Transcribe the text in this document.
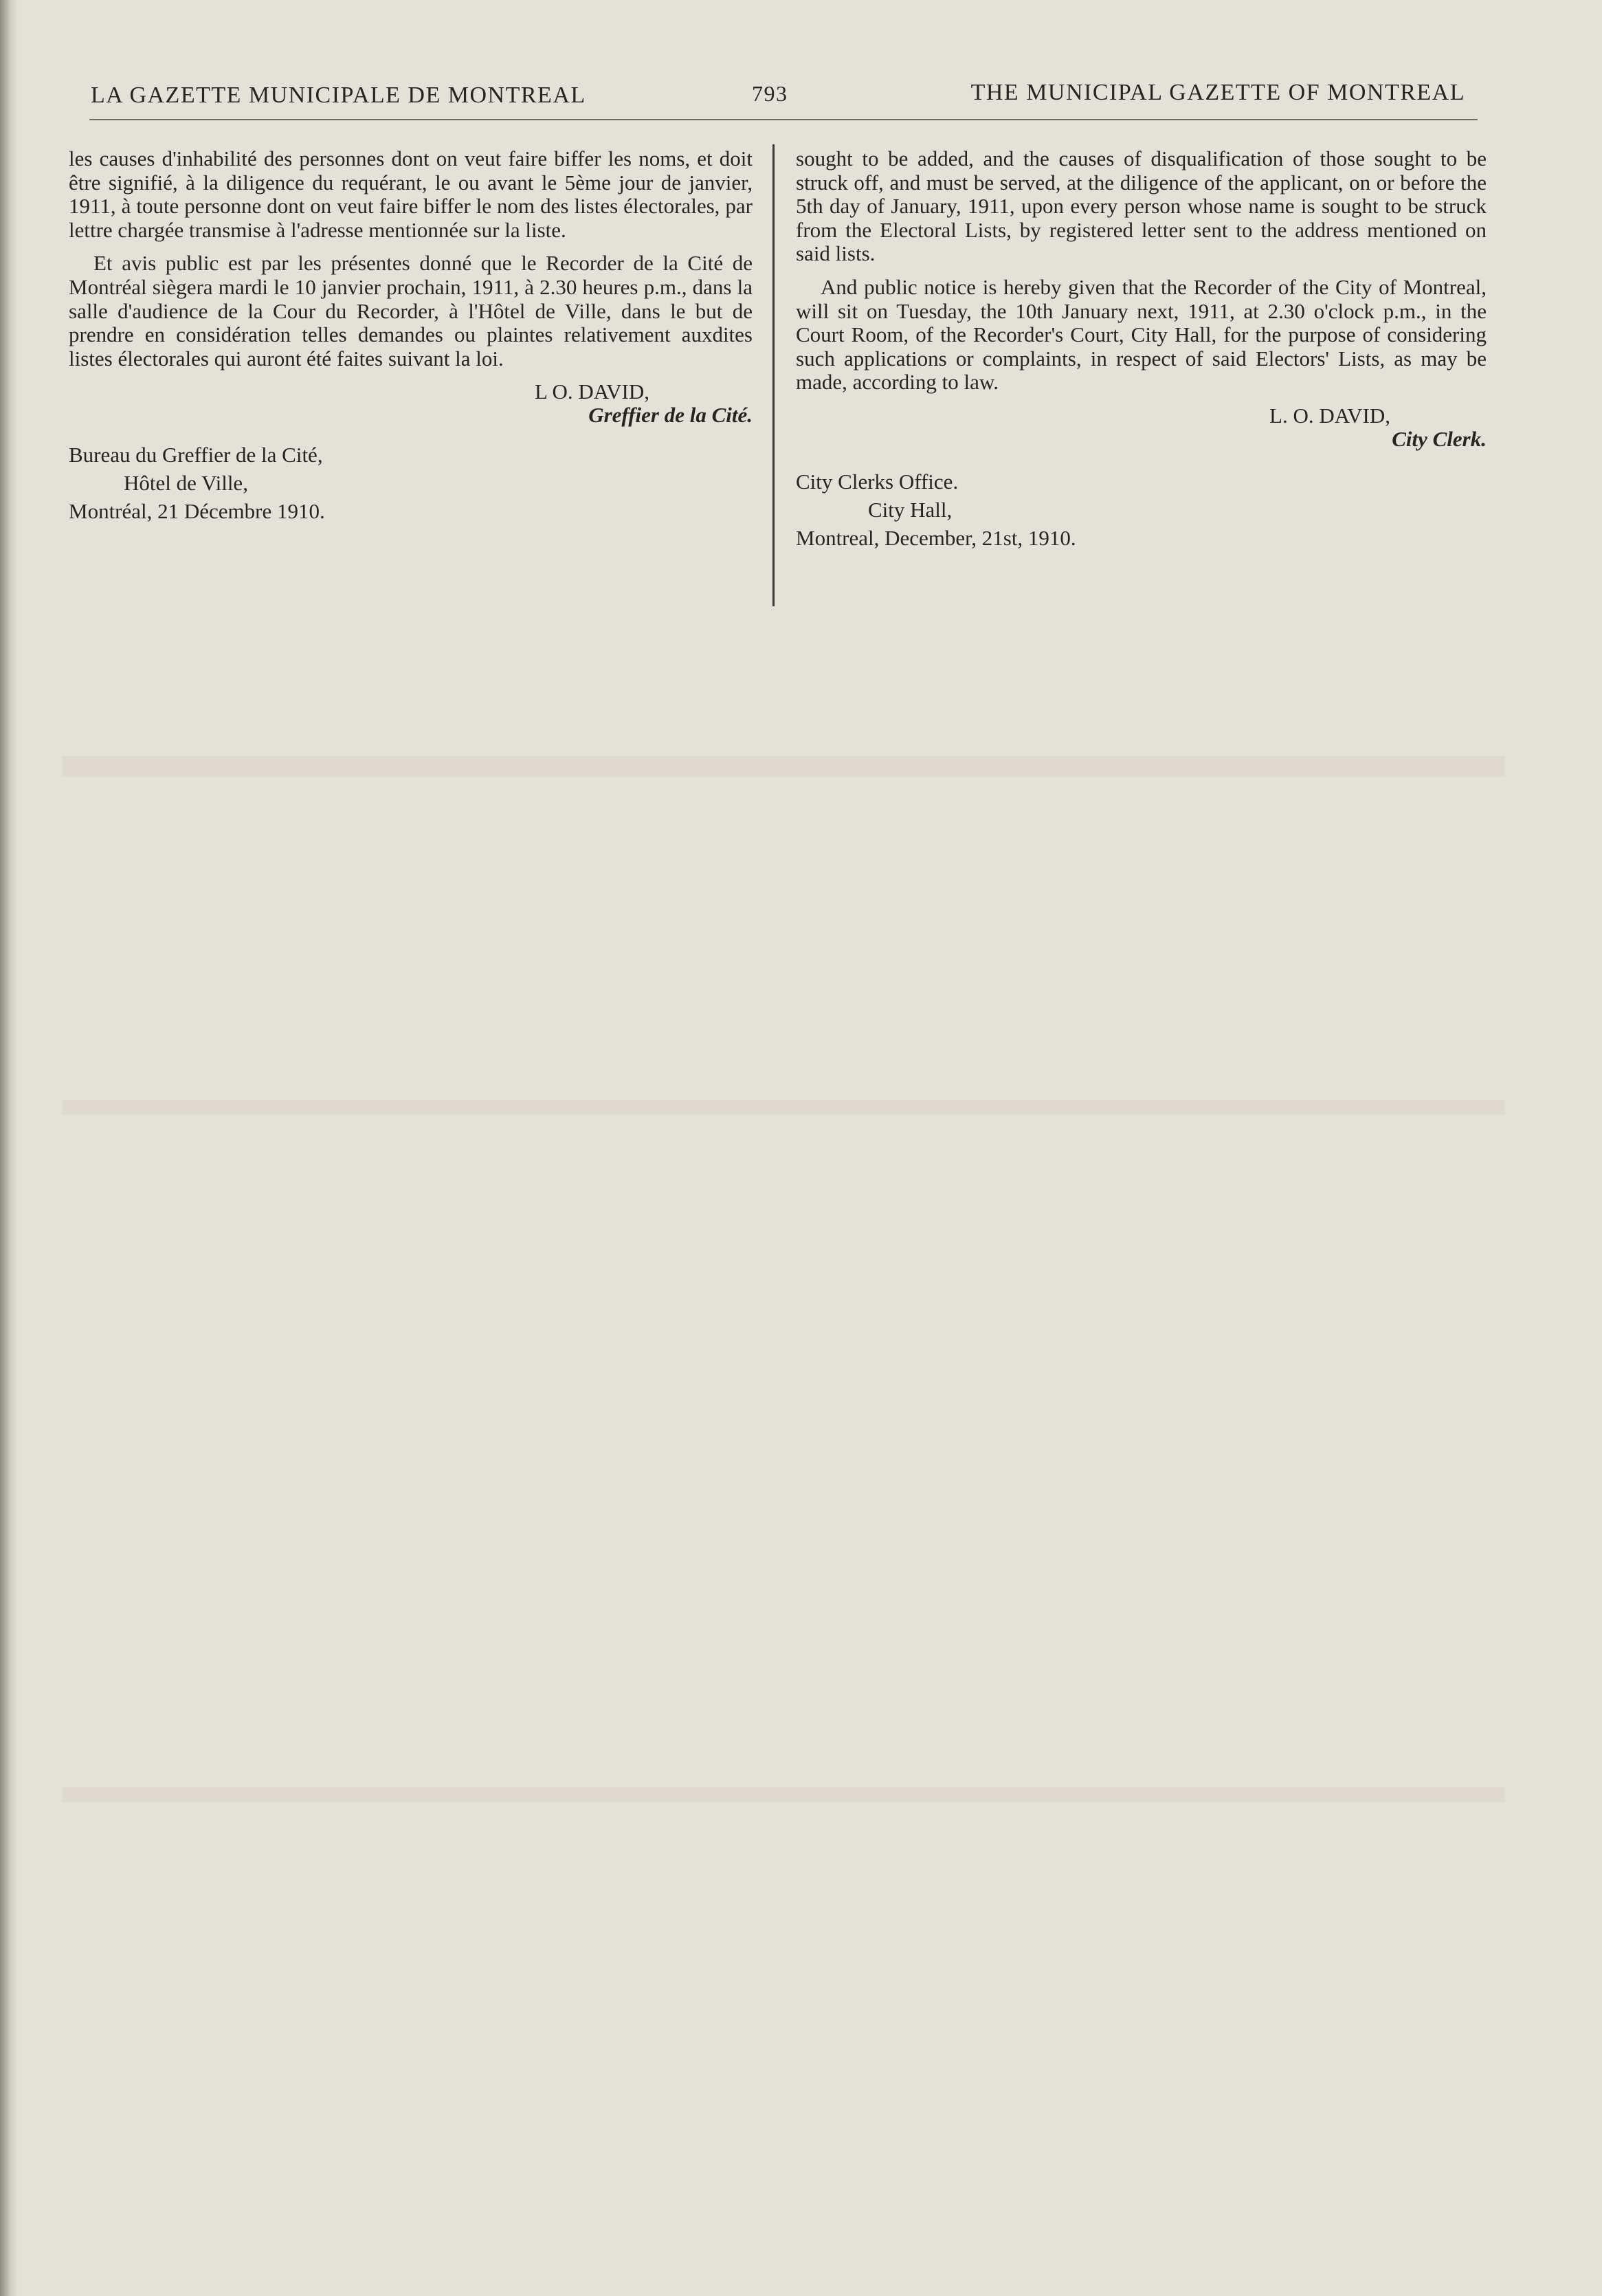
LA GAZETTE MUNICIPALE DE MONTREAL	793	THE MUNICIPAL GAZETTE OF MONTREAL

les causes d'inhabilité des personnes dont on veut faire biffer les noms, et doit être signifié, à la diligence du requérant, le ou avant le 5ème jour de janvier, 1911, à toute personne dont on veut faire biffer le nom des listes électorales, par lettre chargée transmise à l'adresse mentionnée sur la liste.

Et avis public est par les présentes donné que le Recorder de la Cité de Montréal siègera mardi le 10 janvier prochain, 1911, à 2.30 heures p.m., dans la salle d'audience de la Cour du Recorder, à l'Hôtel de Ville, dans le but de prendre en considération telles demandes ou plaintes relativement auxdites listes électorales qui auront été faites suivant la loi.

L O. DAVID,
Greffier de la Cité.
Bureau du Greffier de la Cité,
Hôtel de Ville,
Montréal, 21 Décembre 1910.

sought to be added, and the causes of disqualification of those sought to be struck off, and must be served, at the diligence of the applicant, on or before the 5th day of January, 1911, upon every person whose name is sought to be struck from the Electoral Lists, by registered letter sent to the address mentioned on said lists.

And public notice is hereby given that the Recorder of the City of Montreal, will sit on Tuesday, the 10th January next, 1911, at 2.30 o'clock p.m., in the Court Room, of the Recorder's Court, City Hall, for the purpose of considering such applications or complaints, in respect of said Electors' Lists, as may be made, according to law.

L. O. DAVID,
City Clerk.
City Clerks Office.
City Hall,
Montreal, December, 21st, 1910.
